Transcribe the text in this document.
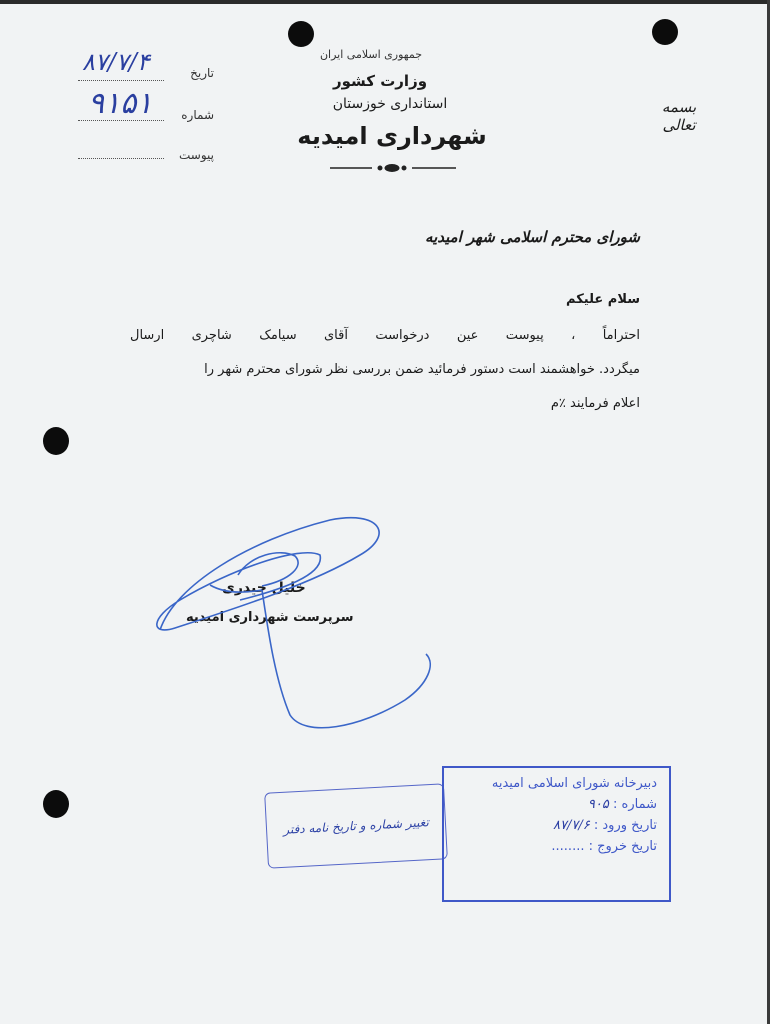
تاریخ
۸۷/۷/۴
شماره
۹۱۵۱
پیوست
جمهوری اسلامی ایران
وزارت کشور
استانداری خوزستان
شهرداری امیدیه
بسمه تعالی
شورای محترم اسلامی شهر امیدیه
سلام علیکم
احتراماً ، پیوست عین درخواست آقای سیامک شاچری ارسال
میگردد. خواهشمند است دستور فرمائید ضمن بررسی نظر شورای محترم شهر را
اعلام فرمایند ٪م
خلیل حیدری
سرپرست شهرداری امیدیه
تغییر شماره و تاریخ نامه دفتر
دبیرخانه شورای اسلامی امیدیه
شماره : ۹۰۵
تاریخ ورود : ۸۷/۷/۶
تاریخ خروج : ........
